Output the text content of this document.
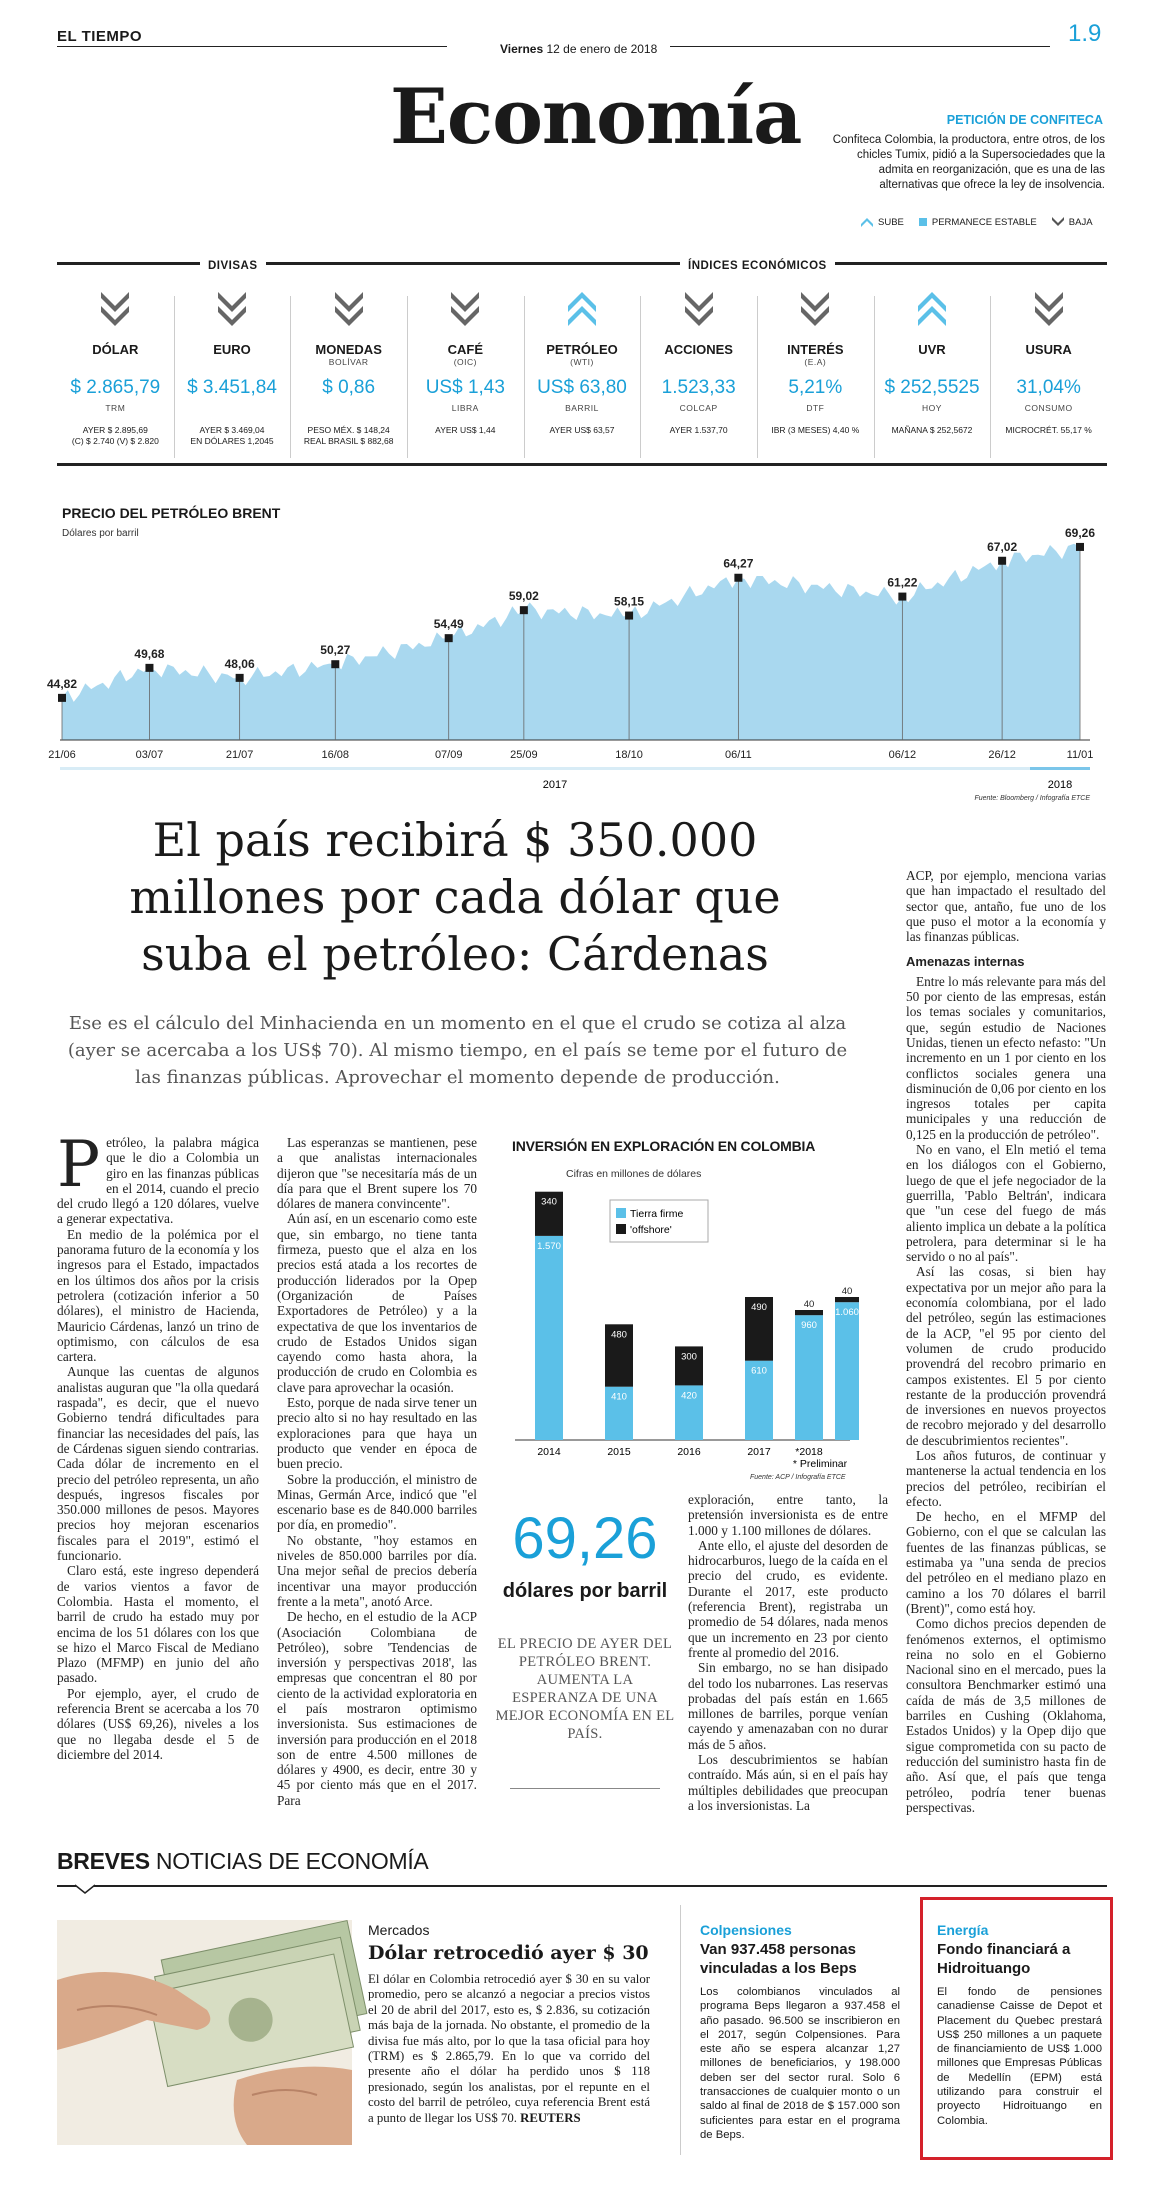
EL TIEMPO
Viernes 12 de enero de 2018
1.9
Economía	PETICIÓN DE CONFITECA
Confiteca Colombia, la productora, entre otros, de los chicles Tumix, pidió a la Supersociedades que la admita en reorganización, que es una de las alternativas que ofrece la ley de insolvencia.
SUBE	PERMANECE ESTABLE	BAJA
DIVISAS	ÍNDICES ECONÓMICOS
DÓLAR
$ 2.865,79
TRM
AYER $ 2.895,69
(C) $ 2.740 (V) $ 2.820
EURO
$ 3.451,84
AYER $ 3.469,04
EN DÓLARES 1,2045
MONEDAS
BOLÍVAR
$ 0,86
PESO MÉX. $ 148,24
REAL BRASIL $ 882,68
CAFÉ
(OIC)
US$ 1,43
LIBRA
AYER US$ 1,44
PETRÓLEO
(WTI)
US$ 63,80
BARRIL
AYER US$ 63,57
ACCIONES
1.523,33
COLCAP
AYER 1.537,70
INTERÉS
(E.A)
5,21%
DTF
IBR (3 MESES) 4,40 %
UVR
$ 252,5525
HOY
MAÑANA $ 252,5672
USURA
31,04%
CONSUMO
MICROCRÉT. 55,17 %
PRECIO DEL PETRÓLEO BRENT
Dólares por barril
44,82
21/06
49,68
03/07
48,06
21/07
50,27
16/08
54,49
07/09
59,02
25/09
58,15
18/10
64,27
06/11
61,22
06/12
67,02
26/12
69,26
11/01
2017	2018
Fuente: Bloomberg / Infografía ETCE
El país recibirá $ 350.000 millones por cada dólar que suba el petróleo: Cárdenas
Ese es el cálculo del Minhacienda en un momento en el que el crudo se cotiza al alza (ayer se acercaba a los US$ 70). Al mismo tiempo, en el país se teme por el futuro de las finanzas públicas. Aprovechar el momento depende de producción.
P etróleo, la palabra mágica que le dio a Colombia un giro en las finanzas públicas en el 2014, cuando el precio del crudo llegó a 120 dólares, vuelve a generar expectativa.

En medio de la polémica por el panorama futuro de la economía y los ingresos para el Estado, impactados en los últimos dos años por la crisis petrolera (cotización inferior a 50 dólares), el ministro de Hacienda, Mauricio Cárdenas, lanzó un trino de optimismo, con cálculos de esa cartera.

Aunque las cuentas de algunos analistas auguran que "la olla quedará raspada", es decir, que el nuevo Gobierno tendrá dificultades para financiar las necesidades del país, las de Cárdenas siguen siendo contrarias. Cada dólar de incremento en el precio del petróleo representa, un año después, ingresos fiscales por 350.000 millones de pesos. Mayores precios hoy mejoran escenarios fiscales para el 2019", estimó el funcionario.

Claro está, este ingreso dependerá de varios vientos a favor de Colombia. Hasta el momento, el barril de crudo ha estado muy por encima de los 51 dólares con los que se hizo el Marco Fiscal de Mediano Plazo (MFMP) en junio del año pasado.

Por ejemplo, ayer, el crudo de referencia Brent se acercaba a los 70 dólares (US$ 69,26), niveles a los que no llegaba desde el 5 de diciembre del 2014.

Las esperanzas se mantienen, pese a que analistas internacionales dijeron que "se necesitaría más de un día para que el Brent supere los 70 dólares de manera convincente".

Aún así, en un escenario como este que, sin embargo, no tiene tanta firmeza, puesto que el alza en los precios está atada a los recortes de producción liderados por la Opep (Organización de Países Exportadores de Petróleo) y a la expectativa de que los inventarios de crudo de Estados Unidos sigan cayendo como hasta ahora, la producción de crudo en Colombia es clave para aprovechar la ocasión.

Esto, porque de nada sirve tener un precio alto si no hay resultado en las exploraciones para que haya un producto que vender en época de buen precio.

Sobre la producción, el ministro de Minas, Germán Arce, indicó que "el escenario base es de 840.000 barriles por día, en promedio".

No obstante, "hoy estamos en niveles de 850.000 barriles por día. Una mejor señal de precios debería incentivar una mayor producción frente a la meta", anotó Arce.

De hecho, en el estudio de la ACP (Asociación Colombiana de Petróleo), sobre 'Tendencias de inversión y perspectivas 2018', las empresas que concentran el 80 por ciento de la actividad exploratoria en el país mostraron optimismo inversionista. Sus estimaciones de inversión para producción en el 2018 son de entre 4.500 millones de dólares y 4900, es decir, entre 30 y 45 por ciento más que en el 2017. Para

INVERSIÓN EN EXPLORACIÓN EN COLOMBIA
Cifras en millones de dólares
Tierra firme
'offshore'
1.570
340
2014
410
480
2015
420
300
2016
610
490
2017
960
40
*2018
1.060
40
* Preliminar
Fuente: ACP / Infografía ETCE
69,26
dólares por barril
EL PRECIO DE AYER DEL PETRÓLEO BRENT. AUMENTA LA ESPERANZA DE UNA MEJOR ECONOMÍA EN EL PAÍS.

exploración, entre tanto, la pretensión inversionista es de entre 1.000 y 1.100 millones de dólares.

Ante ello, el ajuste del desorden de hidrocarburos, luego de la caída en el precio del crudo, es evidente. Durante el 2017, este producto (referencia Brent), registraba un promedio de 54 dólares, nada menos que un incremento en 23 por ciento frente al promedio del 2016.

Sin embargo, no se han disipado del todo los nubarrones. Las reservas probadas del país están en 1.665 millones de barriles, porque venían cayendo y amenazaban con no durar más de 5 años.

Los descubrimientos se habían contraído. Más aún, si en el país hay múltiples debilidades que preocupan a los inversionistas. La

ACP, por ejemplo, menciona varias que han impactado el resultado del sector que, antaño, fue uno de los que puso el motor a la economía y las finanzas públicas.

Amenazas internas

Entre lo más relevante para más del 50 por ciento de las empresas, están los temas sociales y comunitarios, que, según estudio de Naciones Unidas, tienen un efecto nefasto: "Un incremento en un 1 por ciento en los conflictos sociales genera una disminución de 0,06 por ciento en los ingresos totales per capita municipales y una reducción de 0,125 en la producción de petróleo".

No en vano, el Eln metió el tema en los diálogos con el Gobierno, luego de que el jefe negociador de la guerrilla, 'Pablo Beltrán', indicara que "un cese del fuego de más aliento implica un debate a la política petrolera, para determinar si le ha servido o no al país".

Así las cosas, si bien hay expectativa por un mejor año para la economía colombiana, por el lado del petróleo, según las estimaciones de la ACP, "el 95 por ciento del volumen de crudo producido provendrá del recobro primario en campos existentes. El 5 por ciento restante de la producción provendrá de inversiones en nuevos proyectos de recobro mejorado y del desarrollo de descubrimientos recientes".

Los años futuros, de continuar y mantenerse la actual tendencia en los precios del petróleo, recibirían el efecto.

De hecho, en el MFMP del Gobierno, con el que se calculan las fuentes de las finanzas públicas, se estimaba ya "una senda de precios del petróleo en el mediano plazo en camino a los 70 dólares el barril (Brent)", como está hoy.

Como dichos precios dependen de fenómenos externos, el optimismo reina no solo en el Gobierno Nacional sino en el mercado, pues la consultora Benchmarker estimó una caída de más de 3,5 millones de barriles en Cushing (Oklahoma, Estados Unidos) y la Opep dijo que sigue comprometida con su pacto de reducción del suministro hasta fin de año. Así que, el país que tenga petróleo, podría tener buenas perspectivas.

BREVES NOTICIAS DE ECONOMÍA
Mercados
Dólar retrocedió ayer $ 30
El dólar en Colombia retrocedió ayer $ 30 en su valor promedio, pero se alcanzó a negociar a precios vistos el 20 de abril del 2017, esto es, $ 2.836, su cotización más baja de la jornada. No obstante, el promedio de la divisa fue más alto, por lo que la tasa oficial para hoy (TRM) es $ 2.865,79. En lo que va corrido del presente año el dólar ha perdido unos $ 118 presionado, según los analistas, por el repunte en el costo del barril de petróleo, cuya referencia Brent está a punto de llegar los US$ 70. REUTERS
Colpensiones
Van 937.458 personas vinculadas a los Beps
Los colombianos vinculados al programa Beps llegaron a 937.458 el año pasado. 96.500 se inscribieron en el 2017, según Colpensiones. Para este año se espera alcanzar 1,27 millones de beneficiarios, y 198.000 deben ser del sector rural. Solo 6 transacciones de cualquier monto o un saldo al final de 2018 de $ 157.000 son suficientes para estar en el programa de Beps.
Energía
Fondo financiará a Hidroituango
El fondo de pensiones canadiense Caisse de Depot et Placement du Quebec prestará US$ 250 millones a un paquete de financiamiento de US$ 1.000 millones que Empresas Públicas de Medellín (EPM) está utilizando para construir el proyecto Hidroituango en Colombia.
